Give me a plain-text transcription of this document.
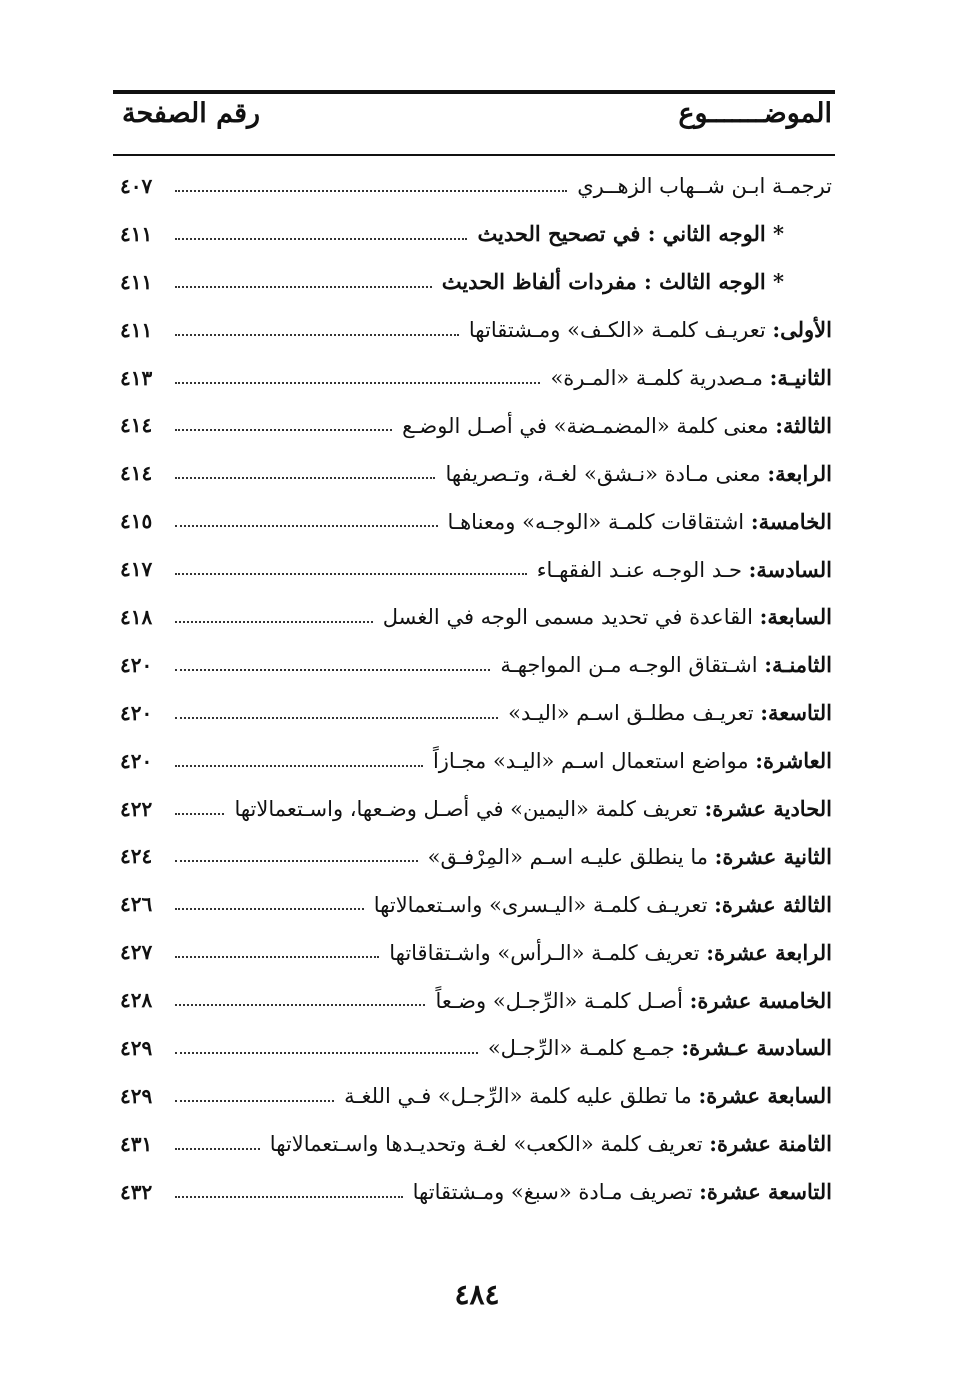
الموضـــــــوع
رقم الصفحة
ترجمـة ابـن شــهاب الزهــري
٤٠٧
* الوجه الثاني : في تصحيح الحديث
٤١١
* الوجه الثالث : مفردات ألفاظ الحديث
٤١١
الأولى: تعريـف كلمـة «الكـف» ومـشتقاتها
٤١١
الثانيـة: مـصدرية كلمـة «المـرة»
٤١٣
الثالثة: معنى كلمة «المضمـضة» في أصـل الوضـع
٤١٤
الرابعة: معنى مـادة «نـشق» لغـة، وتـصريفها
٤١٤
الخامسة: اشتقاقات كلمـة «الوجـه» ومعناهـا
٤١٥
السادسة: حـد الوجـه عنـد الفقهـاء
٤١٧
السابعة: القاعدة في تحديد مسمى الوجه في الغسل
٤١٨
الثامنـة: اشـتقاق الوجـه مـن المواجهـة
٤٢٠
التاسعة: تعريـف مطلـق اسـم «اليـد»
٤٢٠
العاشرة: مواضع استعمال اسـم «اليـد» مجـازاً
٤٢٠
الحادية عشرة: تعريف كلمة «اليمين» في أصـل وضـعها، واسـتعمالاتها
٤٢٢
الثانية عشرة: ما ينطلق عليـه اسـم «المِرْفـق»
٤٢٤
الثالثة عشرة: تعريـف كلمـة «اليـسرى» واسـتعمالاتها
٤٢٦
الرابعة عشرة: تعريف كلمـة «الـرأس» واشـتقاقاتها
٤٢٧
الخامسة عشرة: أصـل كلمـة «الرِّجـل» وضـعاً
٤٢٨
السادسة عـشرة: جمـع كلمـة «الرِّجـل»
٤٢٩
السابعة عشرة: ما تطلق عليه كلمة «الرِّجـل» فـي اللغـة
٤٢٩
الثامنة عشرة: تعريف كلمة «الكعب» لغـة وتحديـدها واسـتعمالاتها
٤٣١
التاسعة عشرة: تصريف مـادة «سبغ» ومـشتقاتها
٤٣٢
٤٨٤
